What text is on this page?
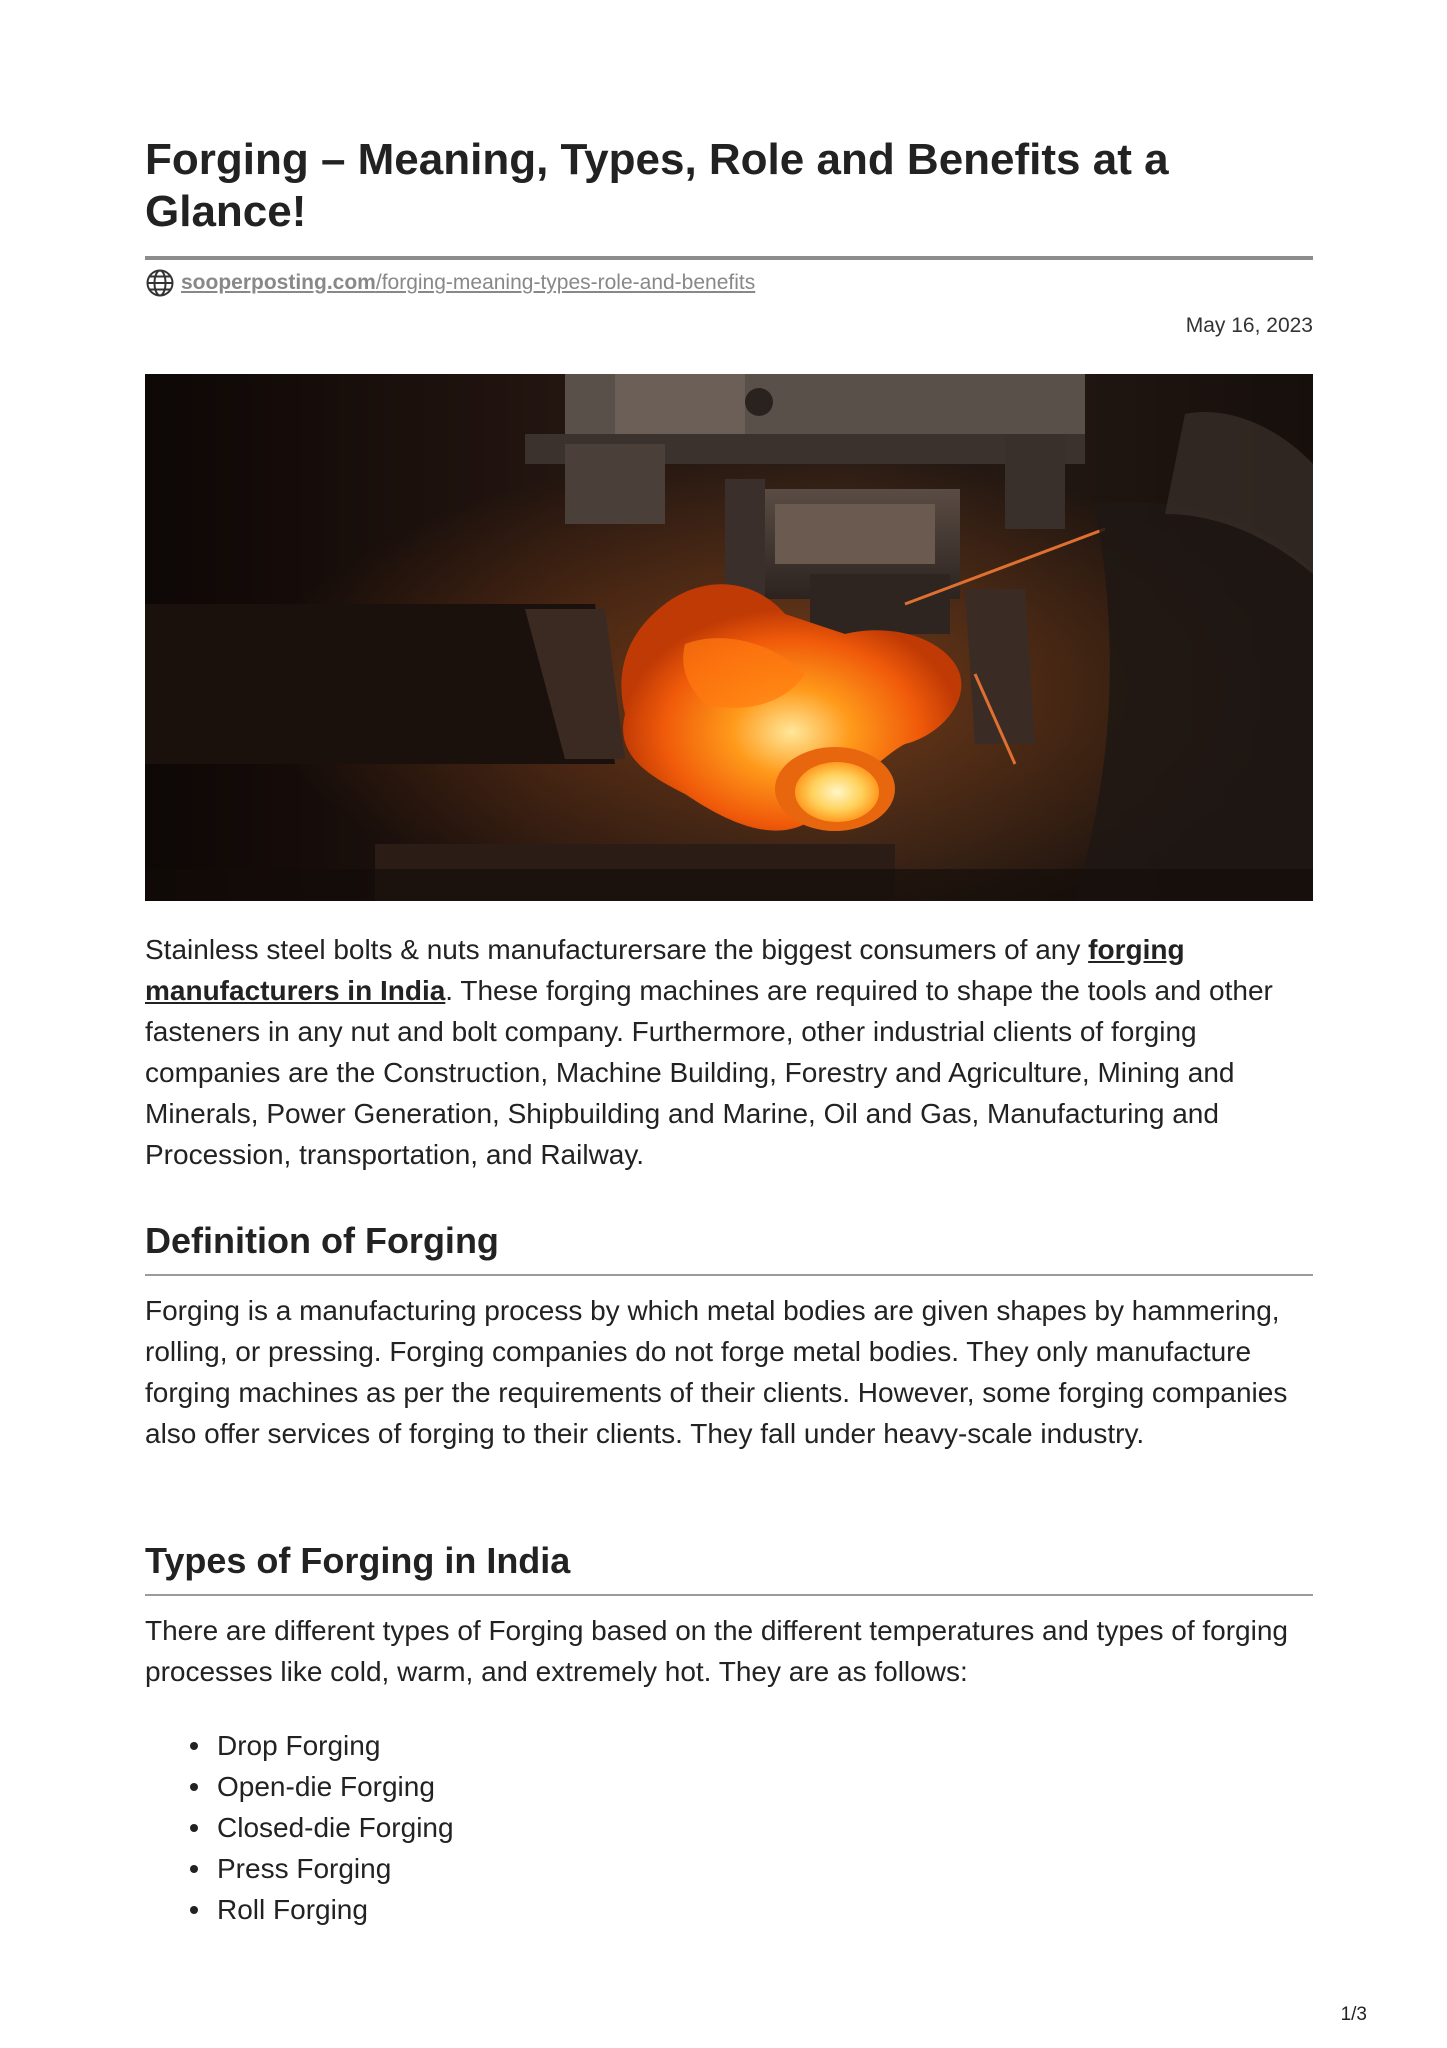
Forging – Meaning, Types, Role and Benefits at a Glance!
sooperposting.com/forging-meaning-types-role-and-benefits
May 16, 2023

Stainless steel bolts & nuts manufacturersare the biggest consumers of any forging manufacturers in India. These forging machines are required to shape the tools and other fasteners in any nut and bolt company. Furthermore, other industrial clients of forging companies are the Construction, Machine Building, Forestry and Agriculture, Mining and Minerals, Power Generation, Shipbuilding and Marine, Oil and Gas, Manufacturing and Procession, transportation, and Railway.

Definition of Forging

Forging is a manufacturing process by which metal bodies are given shapes by hammering, rolling, or pressing. Forging companies do not forge metal bodies. They only manufacture forging machines as per the requirements of their clients. However, some forging companies also offer services of forging to their clients. They fall under heavy-scale industry.

Types of Forging in India

There are different types of Forging based on the different temperatures and types of forging processes like cold, warm, and extremely hot. They are as follows:

Drop Forging
Open-die Forging
Closed-die Forging
Press Forging
Roll Forging
1/3
